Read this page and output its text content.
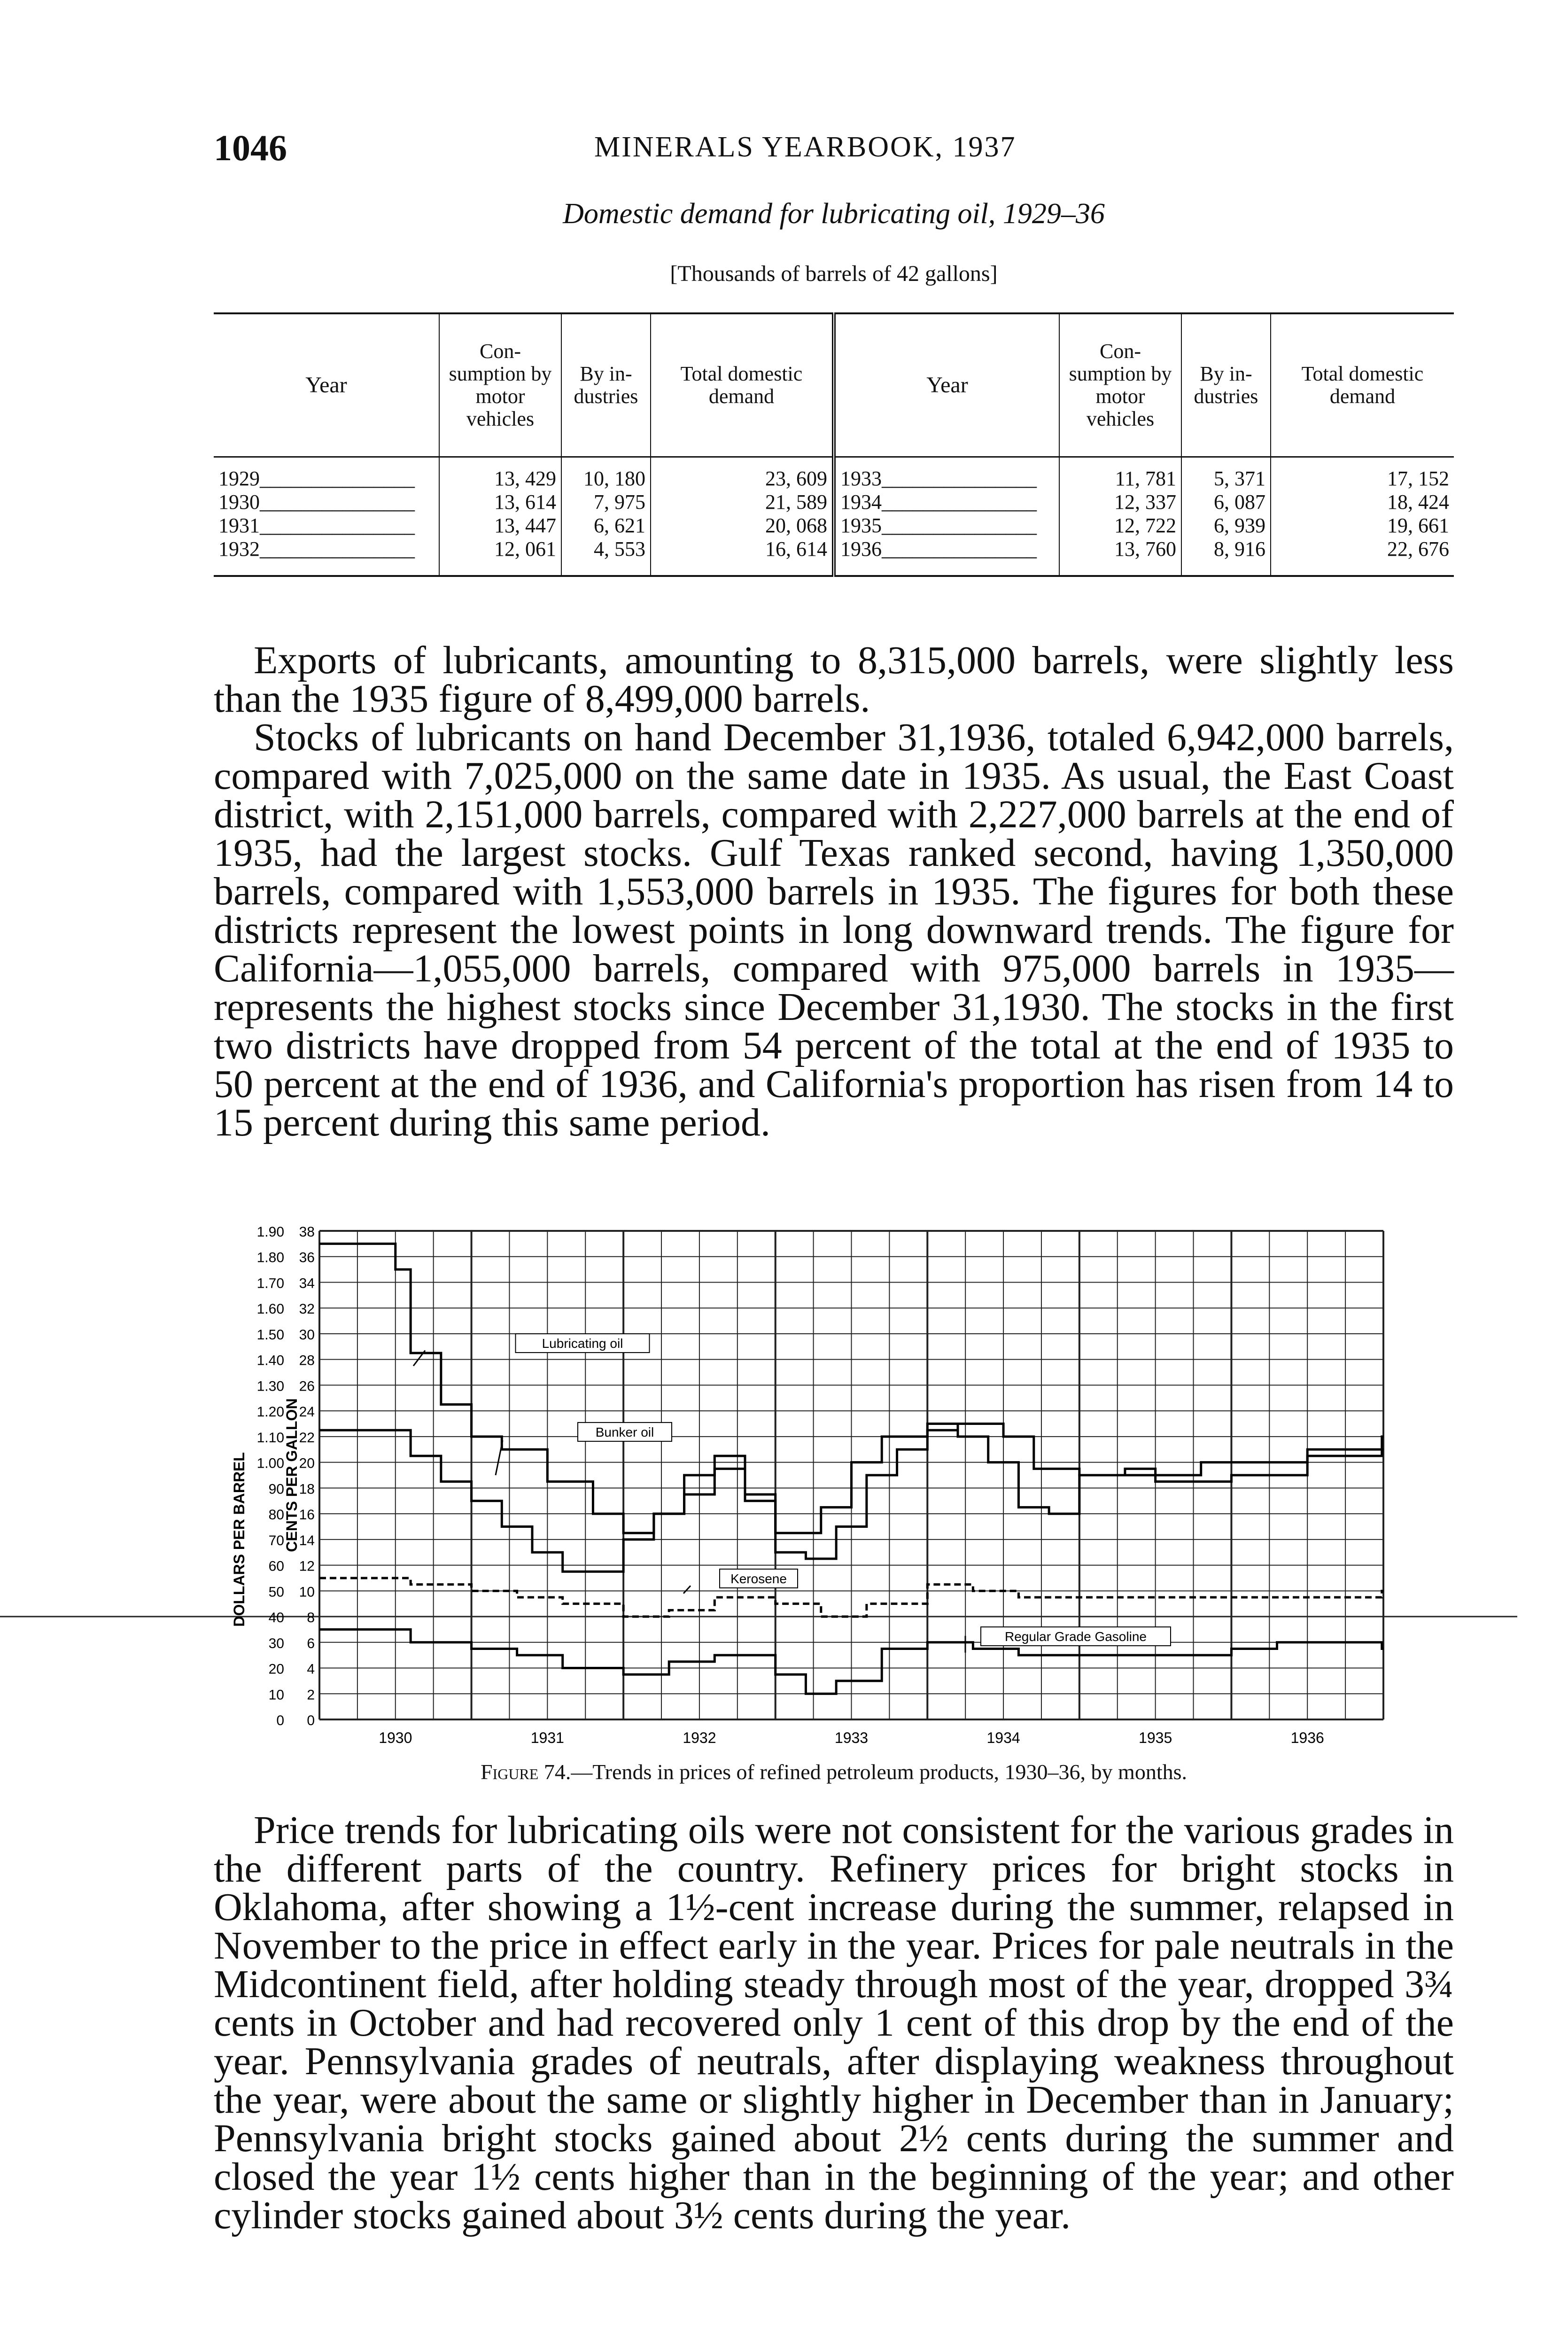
1046	MINERALS YEARBOOK, 1937
Domestic demand for lubricating oil, 1929–36
[Thousands of barrels of 42 gallons]
Year	Con-sumption by motor vehicles	By in-dustries	Total domestic demand	Year	Con-sumption by motor vehicles	By in-dustries	Total domestic demand
1929_______________	13, 429	10, 180	23, 609	1933_______________	11, 781	5, 371	17, 152
1930_______________	13, 614	7, 975	21, 589	1934_______________	12, 337	6, 087	18, 424
1931_______________	13, 447	6, 621	20, 068	1935_______________	12, 722	6, 939	19, 661
1932_______________	12, 061	4, 553	16, 614	1936_______________	13, 760	8, 916	22, 676

Exports of lubricants, amounting to 8,315,000 barrels, were slightly less than the 1935 figure of 8,499,000 barrels.

Stocks of lubricants on hand December 31,1936, totaled 6,942,000 barrels, compared with 7,025,000 on the same date in 1935. As usual, the East Coast district, with 2,151,000 barrels, compared with 2,227,000 barrels at the end of 1935, had the largest stocks. Gulf Texas ranked second, having 1,350,000 barrels, compared with 1,553,000 barrels in 1935. The figures for both these districts represent the lowest points in long downward trends. The figure for California—1,055,000 barrels, compared with 975,000 barrels in 1935—represents the highest stocks since December 31,1930. The stocks in the first two districts have dropped from 54 percent of the total at the end of 1935 to 50 percent at the end of 1936, and California's proportion has risen from 14 to 15 percent during this same period.

1.90 38
1.80 36
1.70 34
1.60 32
1.50 30
1.40 28
1.30 26
1.20 24
1.10 22
1.00 20
90 18
80 16
70 14
60 12
50 10
40 8
30 6
20 4
10 2
0 0
DOLLARS PER BARREL CENTS PER GALLON
1930	1931	1932	1933	1934	1935	1936
Lubricating oil
Bunker oil
Kerosene
Regular Grade Gasoline
Figure 74.—Trends in prices of refined petroleum products, 1930–36, by months.

Price trends for lubricating oils were not consistent for the various grades in the different parts of the country. Refinery prices for bright stocks in Oklahoma, after showing a 1½-cent increase during the summer, relapsed in November to the price in effect early in the year. Prices for pale neutrals in the Midcontinent field, after holding steady through most of the year, dropped 3¾ cents in October and had recovered only 1 cent of this drop by the end of the year. Pennsylvania grades of neutrals, after displaying weakness throughout the year, were about the same or slightly higher in December than in January; Pennsylvania bright stocks gained about 2½ cents during the summer and closed the year 1½ cents higher than in the beginning of the year; and other cylinder stocks gained about 3½ cents during the year.
